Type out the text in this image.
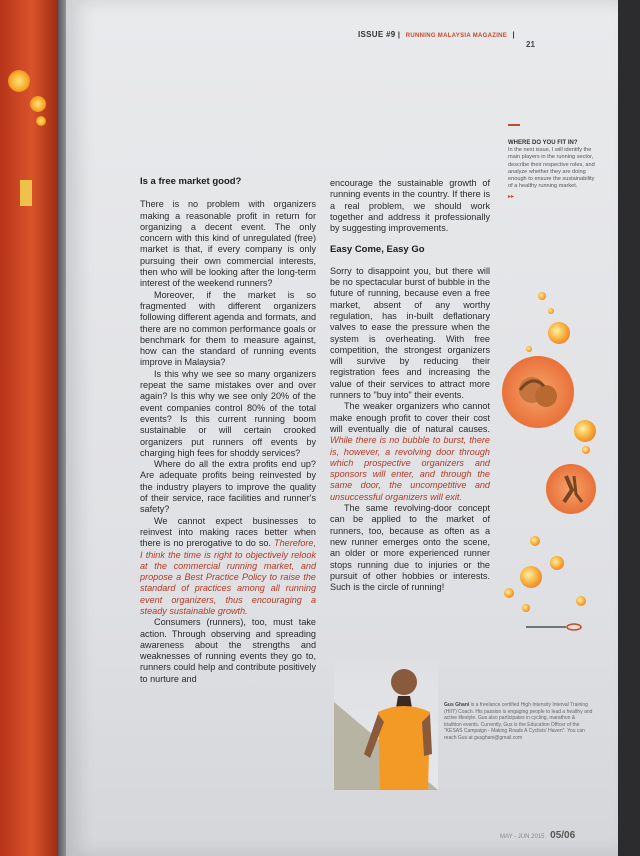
ISSUE #9 | RUNNING MALAYSIA MAGAZINE |
21
Is a free market good?

There is no problem with organizers making a reasonable profit in return for organizing a decent event. The only concern with this kind of unregulated (free) market is that, if every company is only pursuing their own commercial interests, then who will be looking after the long-term interest of the weekend runners?

Moreover, if the market is so fragmented with different organizers following different agenda and formats, and there are no common performance goals or benchmark for them to measure against, how can the standard of running events improve in Malaysia?

Is this why we see so many organizers repeat the same mistakes over and over again? Is this why we see only 20% of the event companies control 80% of the total events? Is this current running boom sustainable or will certain crooked organizers put runners off events by charging high fees for shoddy services?

Where do all the extra profits end up? Are adequate profits being reinvested by the industry players to improve the quality of their service, race facilities and runner's safety?

We cannot expect businesses to reinvest into making races better when there is no prerogative to do so. Therefore, I think the time is right to objectively relook at the commercial running market, and propose a Best Practice Policy to raise the standard of practices among all running event organizers, thus encouraging a steady sustainable growth.

Consumers (runners), too, must take action. Through observing and spreading awareness about the strengths and weaknesses of running events they go to, runners could help and contribute positively to nurture and

encourage the sustainable growth of running events in the country. If there is a real problem, we should work together and address it professionally by suggesting improvements.

Easy Come, Easy Go

Sorry to disappoint you, but there will be no spectacular burst of bubble in the future of running, because even a free market, absent of any worthy regulation, has in-built deflationary valves to ease the pressure when the system is overheating. With free competition, the strongest organizers will survive by reducing their registration fees and increasing the value of their services to attract more runners to "buy into" their events.

The weaker organizers who cannot make enough profit to cover their cost will eventually die of natural causes. While there is no bubble to burst, there is, however, a revolving door through which prospective organizers and sponsors will enter, and through the same door, the uncompetitive and unsuccessful organizers will exit.

The same revolving-door concept can be applied to the market of runners, too, because as often as a new runner emerges onto the scene, an older or more experienced runner stops running due to injuries or the pursuit of other hobbies or interests. Such is the circle of running!

WHERE DO YOU FIT IN?
In the next issue, I will identify the main players in the running sector, describe their respective roles, and analyze whether they are doing enough to ensure the sustainability of a healthy running market.
▸▸
Gus Ghani is a freelance certified High Intensity Interval Training (HIIT) Coach. His passion is engaging people to lead a healthy and active lifestyle. Gus also participates in cycling, marathon & triathlon events. Currently, Gus is the Education Officer of the "KESAS Campaign - Making Roads A Cyclists' Haven". You can reach Gus at gusghani@gmail.com
MAY - JUN 2015 05/06
